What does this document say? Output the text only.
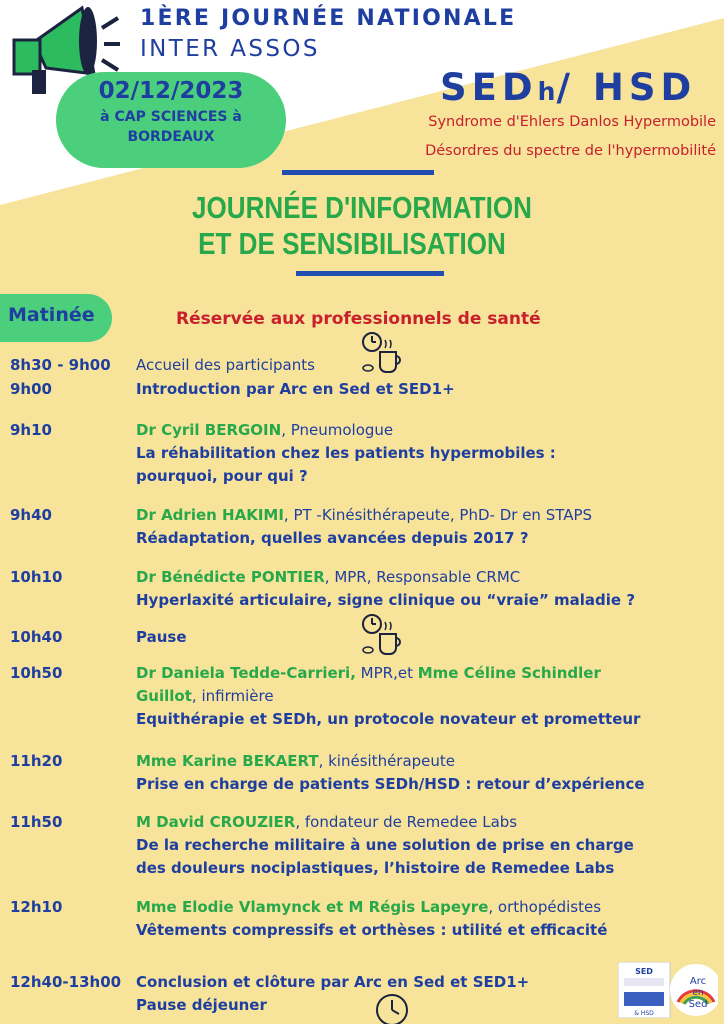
1ÈRE JOURNÉE NATIONALE
INTER ASSOS
02/12/2023
à CAP SCIENCES à
BORDEAUX
SEDh/ HSD
Syndrome d'Ehlers Danlos Hypermobile
Désordres du spectre de l'hypermobilité
JOURNÉE D'INFORMATION
ET DE SENSIBILISATION
Matinée	Réservée aux professionnels de santé
8h30 - 9h00 Accueil des participants
9h00	Introduction par Arc en Sed et SED1+
9h10	Dr Cyril BERGOIN, Pneumologue
La réhabilitation chez les patients hypermobiles :
pourquoi, pour qui ?
9h40	Dr Adrien HAKIMI, PT -Kinésithérapeute, PhD- Dr en STAPS
Réadaptation, quelles avancées depuis 2017 ?
10h10	Dr Bénédicte PONTIER, MPR, Responsable CRMC
Hyperlaxité articulaire, signe clinique ou “vraie” maladie ?
10h40	Pause
10h50	Dr Daniela Tedde-Carrieri, MPR,et Mme Céline Schindler
Guillot, infirmière
Equithérapie et SEDh, un protocole novateur et prometteur
11h20	Mme Karine BEKAERT, kinésithérapeute
Prise en charge de patients SEDh/HSD : retour d’expérience
11h50	M David CROUZIER, fondateur de Remedee Labs
De la recherche militaire à une solution de prise en charge
des douleurs nociplastiques, l’histoire de Remedee Labs
12h10	Mme Elodie Vlamynck et M Régis Lapeyre, orthopédistes
Vêtements compressifs et orthèses : utilité et efficacité
12h40-13h00 Conclusion et clôture par Arc en Sed et SED1+
Pause déjeuner
SED
& HSD
Arc
en
Sed
